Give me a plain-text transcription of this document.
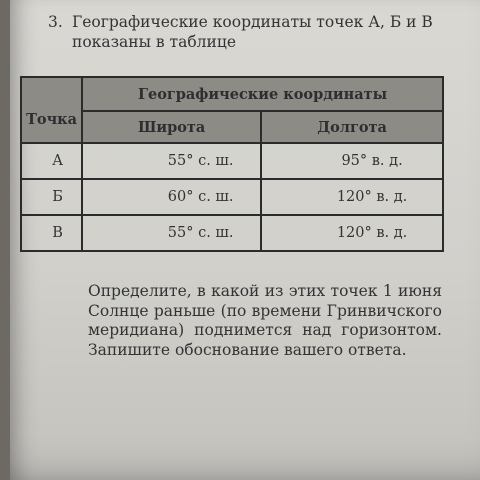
3. Географические координаты точек А, Б и В
показаны в таблице
Точка	Географические координаты	
	Широта	Долгота
А	55° с. ш.	95° в. д.
Б	60° с. ш.	120° в. д.
В	55° с. ш.	120° в. д.
Определите, в какой из этих точек 1 июня
Солнце раньше (по времени Гринвичского
меридиана) поднимется над горизонтом.
Запишите обоснование вашего ответа.
